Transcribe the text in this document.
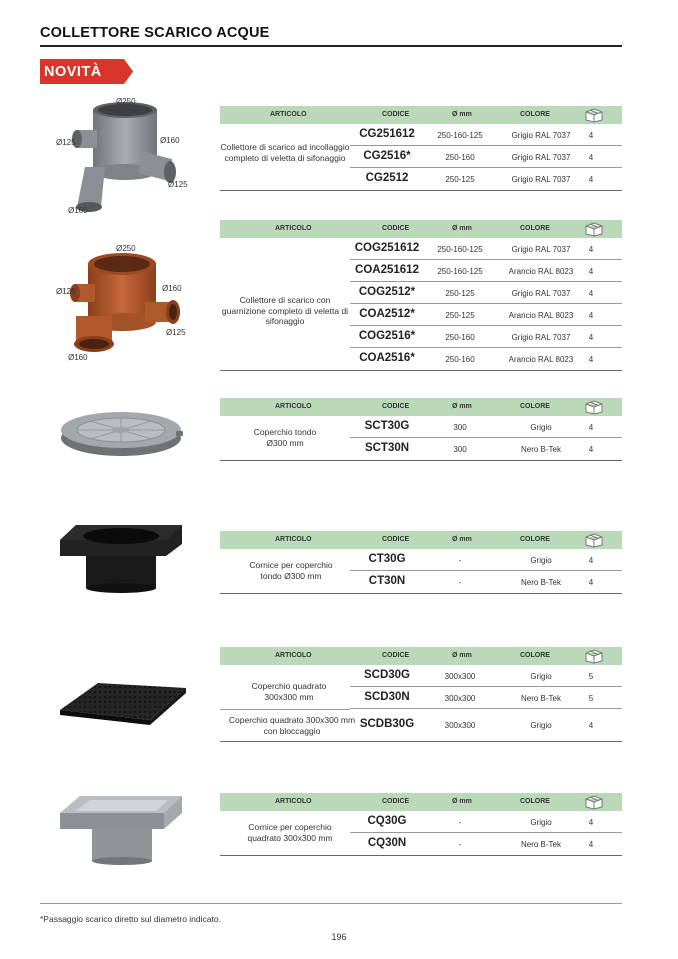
COLLETTORE SCARICO ACQUE
NOVITÀ
Ø250
Ø125	Ø160
Ø125
Ø160
ARTICOLO	CODICE	Ø mm	COLORE
Collettore di scarico ad incollaggio completo di veletta di sifonaggio
CG251612	250-160-125	Grigio RAL 7037	4
CG2516*	250-160	Grigio RAL 7037	4
CG2512	250-125	Grigio RAL 7037	4
Ø250
Ø125	Ø160
Ø125
Ø160
ARTICOLO	CODICE	Ø mm	COLORE
Collettore di scarico con guarnizione completo di veletta di sifonaggio
COG251612	250-160-125	Grigio RAL 7037	4
COA251612	250-160-125	Arancio RAL 8023	4
COG2512*	250-125	Grigio RAL 7037	4
COA2512*	250-125	Arancio RAL 8023	4
COG2516*	250-160	Grigio RAL 7037	4
COA2516*	250-160	Arancio RAL 8023	4
ARTICOLO	CODICE	Ø mm	COLORE
Coperchio tondo Ø300 mm
SCT30G	300	Grigio	4
SCT30N	300	Nero B-Tek	4
ARTICOLO	CODICE	Ø mm	COLORE
Cornice per coperchio tondo Ø300 mm
CT30G	-	Grigio	4
CT30N	-	Nero B-Tek	4
ARTICOLO	CODICE	Ø mm	COLORE
Coperchio quadrato 300x300 mm
SCD30G	300x300	Grigio	5
SCD30N	300x300	Nero B-Tek	5
Coperchio quadrato 300x300 mm con bloccaggio
SCDB30G	300x300	Grigio	4
ARTICOLO	CODICE	Ø mm	COLORE
Cornice per coperchio quadrato 300x300 mm
CQ30G	-	Grigio	4
CQ30N	-	Nero B-Tek	4
*Passaggio scarico diretto sul diametro indicato.
196
